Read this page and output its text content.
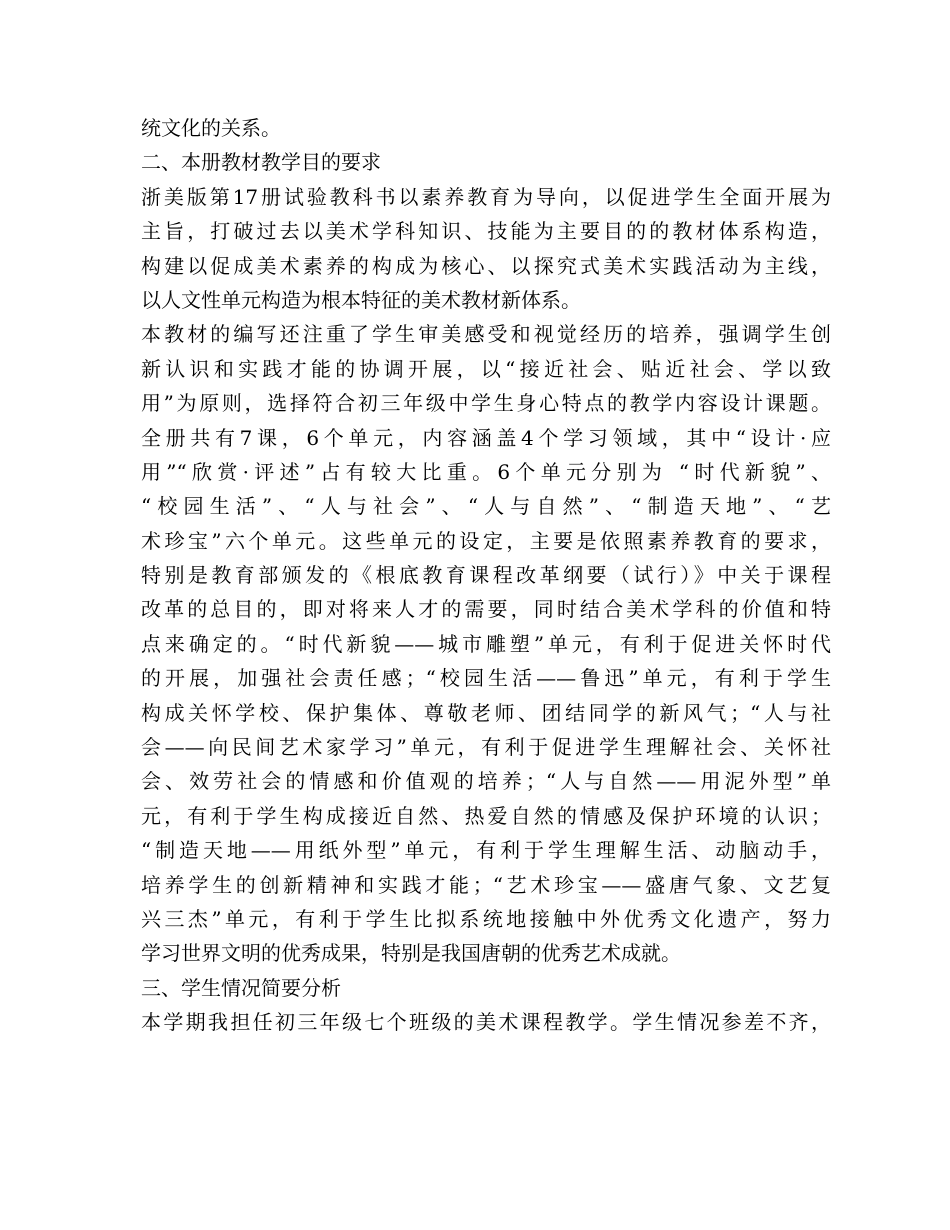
统文化的关系。
二、本册教材教学目的要求
浙美版第17册试验教科书以素养教育为导向，以促进学生全面开展为
主旨，打破过去以美术学科知识、技能为主要目的的教材体系构造，
构建以促成美术素养的构成为核心、以探究式美术实践活动为主线，
以人文性单元构造为根本特征的美术教材新体系。
本教材的编写还注重了学生审美感受和视觉经历的培养，强调学生创
新认识和实践才能的协调开展，以“接近社会、贴近社会、学以致
用”为原则，选择符合初三年级中学生身心特点的教学内容设计课题。
全册共有7课，6个单元，内容涵盖4个学习领域，其中“设计·应
用”“欣赏·评述”占有较大比重。6个单元分别为 “时代新貌”、
“校园生活”、“人与社会”、“人与自然”、“制造天地”、“艺
术珍宝”六个单元。这些单元的设定，主要是依照素养教育的要求，
特别是教育部颁发的《根底教育课程改革纲要（试行）》中关于课程
改革的总目的，即对将来人才的需要，同时结合美术学科的价值和特
点来确定的。“时代新貌——城市雕塑”单元，有利于促进关怀时代
的开展，加强社会责任感；“校园生活——鲁迅”单元，有利于学生
构成关怀学校、保护集体、尊敬老师、团结同学的新风气；“人与社
会——向民间艺术家学习”单元，有利于促进学生理解社会、关怀社
会、效劳社会的情感和价值观的培养；“人与自然——用泥外型”单
元，有利于学生构成接近自然、热爱自然的情感及保护环境的认识；
“制造天地——用纸外型”单元，有利于学生理解生活、动脑动手，
培养学生的创新精神和实践才能；“艺术珍宝——盛唐气象、文艺复
兴三杰”单元，有利于学生比拟系统地接触中外优秀文化遗产，努力
学习世界文明的优秀成果，特别是我国唐朝的优秀艺术成就。
三、学生情况简要分析
本学期我担任初三年级七个班级的美术课程教学。学生情况参差不齐，
